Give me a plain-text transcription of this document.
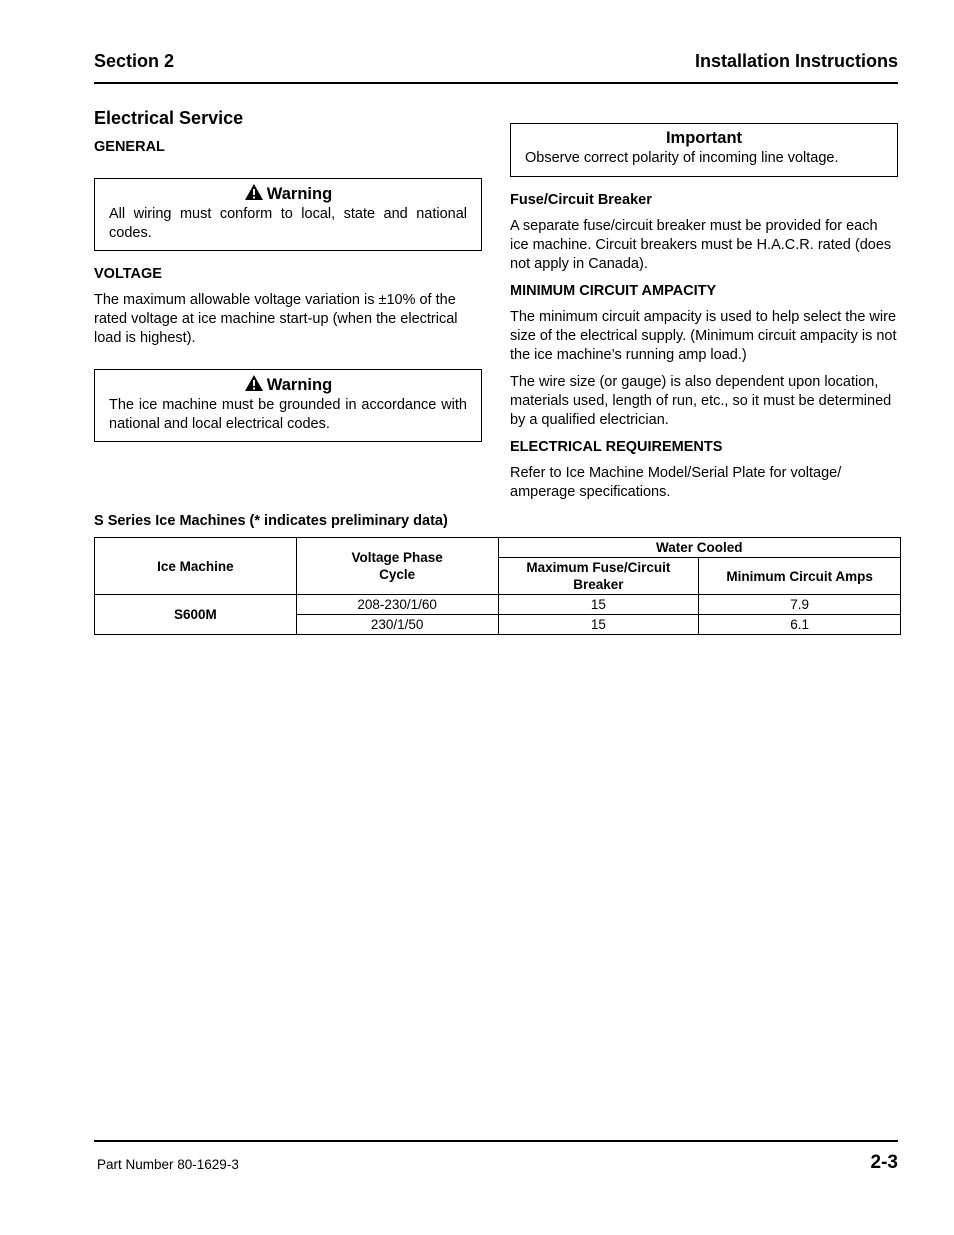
Section 2	Installation Instructions
Electrical Service
GENERAL
Warning
All wiring must conform to local, state and national codes.
VOLTAGE

The maximum allowable voltage variation is ±10% of the rated voltage at ice machine start-up (when the electrical load is highest).

Warning
The ice machine must be grounded in accordance with national and local electrical codes.
Important
Observe correct polarity of incoming line voltage.
Fuse/Circuit Breaker

A separate fuse/circuit breaker must be provided for each ice machine. Circuit breakers must be H.A.C.R. rated (does not apply in Canada).

MINIMUM CIRCUIT AMPACITY

The minimum circuit ampacity is used to help select the wire size of the electrical supply. (Minimum circuit ampacity is not the ice machine’s running amp load.)

The wire size (or gauge) is also dependent upon location, materials used, length of run, etc., so it must be determined by a qualified electrician.

ELECTRICAL REQUIREMENTS

Refer to Ice Machine Model/Serial Plate for voltage/ amperage specifications.

S Series Ice Machines (* indicates preliminary data)
Ice Machine	Voltage Phase Cycle	Water Cooled	
		Maximum Fuse/Circuit Breaker	Minimum Circuit Amps
S600M	208-230/1/60	15	7.9
	230/1/50	15	6.1
Part Number 80-1629-3	2-3
